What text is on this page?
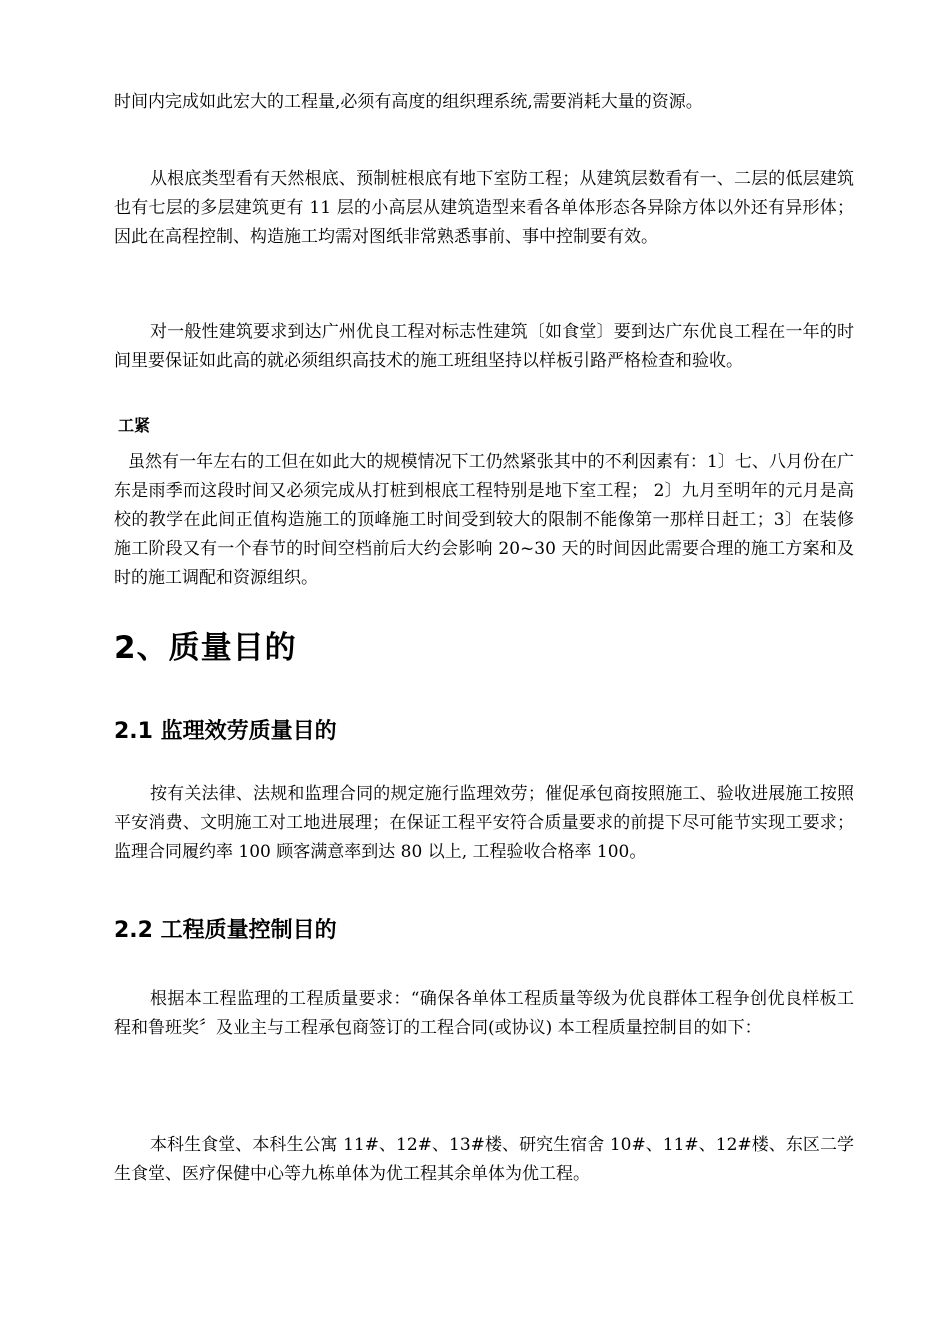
时间内完成如此宏大的工程量,必须有高度的组织理系统,需要消耗大量的资源。

从根底类型看有天然根底、预制桩根底有地下室防工程；从建筑层数看有一、二层的低层建筑也有七层的多层建筑更有 11 层的小高层从建筑造型来看各单体形态各异除方体以外还有异形体；因此在高程控制、构造施工均需对图纸非常熟悉事前、事中控制要有效。

对一般性建筑要求到达广州优良工程对标志性建筑〔如食堂〕要到达广东优良工程在一年的时间里要保证如此高的就必须组织高技术的施工班组坚持以样板引路严格检查和验收。

工紧

虽然有一年左右的工但在如此大的规模情况下工仍然紧张其中的不利因素有：1〕七、八月份在广东是雨季而这段时间又必须完成从打桩到根底工程特别是地下室工程； 2〕九月至明年的元月是高校的教学在此间正值构造施工的顶峰施工时间受到较大的限制不能像第一那样日赶工；3〕在装修施工阶段又有一个春节的时间空档前后大约会影响 20~30 天的时间因此需要合理的施工方案和及时的施工调配和资源组织。

2、质量目的
2.1 监理效劳质量目的

按有关法律、法规和监理合同的规定施行监理效劳；催促承包商按照施工、验收进展施工按照平安消费、文明施工对工地进展理；在保证工程平安符合质量要求的前提下尽可能节实现工要求；监理合同履约率 100 顾客满意率到达 80 以上, 工程验收合格率 100。

2.2 工程质量控制目的

根据本工程监理的工程质量要求：“确保各单体工程质量等级为优良群体工程争创优良样板工程和鲁班奖〞及业主与工程承包商签订的工程合同(或协议) 本工程质量控制目的如下：

本科生食堂、本科生公寓 11#、12#、13#楼、研究生宿舍 10#、11#、12#楼、东区二学生食堂、医疗保健中心等九栋单体为优工程其余单体为优工程。
